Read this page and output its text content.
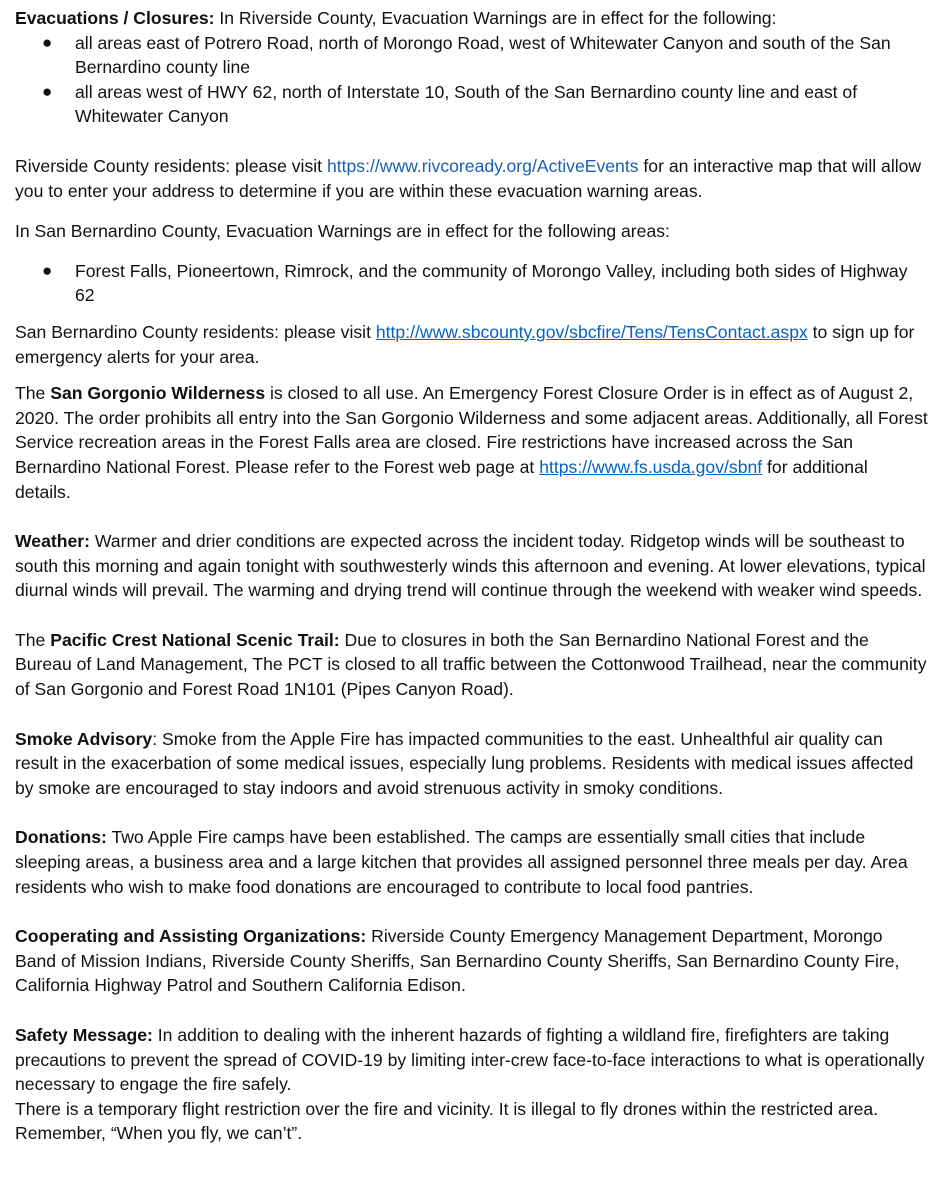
Evacuations / Closures: In Riverside County, Evacuation Warnings are in effect for the following:

● all areas east of Potrero Road, north of Morongo Road, west of Whitewater Canyon and south of the San Bernardino county line
● all areas west of HWY 62, north of Interstate 10, South of the San Bernardino county line and east of Whitewater Canyon

Riverside County residents: please visit https://www.rivcoready.org/ActiveEvents for an interactive map that will allow you to enter your address to determine if you are within these evacuation warning areas.

In San Bernardino County, Evacuation Warnings are in effect for the following areas:

● Forest Falls, Pioneertown, Rimrock, and the community of Morongo Valley, including both sides of Highway 62

San Bernardino County residents: please visit http://www.sbcounty.gov/sbcfire/Tens/TensContact.aspx to sign up for emergency alerts for your area.

The San Gorgonio Wilderness is closed to all use. An Emergency Forest Closure Order is in effect as of August 2, 2020. The order prohibits all entry into the San Gorgonio Wilderness and some adjacent areas. Additionally, all Forest Service recreation areas in the Forest Falls area are closed. Fire restrictions have increased across the San Bernardino National Forest. Please refer to the Forest web page at https://www.fs.usda.gov/sbnf for additional details.

Weather: Warmer and drier conditions are expected across the incident today. Ridgetop winds will be southeast to south this morning and again tonight with southwesterly winds this afternoon and evening. At lower elevations, typical diurnal winds will prevail. The warming and drying trend will continue through the weekend with weaker wind speeds.

The Pacific Crest National Scenic Trail: Due to closures in both the San Bernardino National Forest and the Bureau of Land Management, The PCT is closed to all traffic between the Cottonwood Trailhead, near the community of San Gorgonio and Forest Road 1N101 (Pipes Canyon Road).

Smoke Advisory: Smoke from the Apple Fire has impacted communities to the east. Unhealthful air quality can result in the exacerbation of some medical issues, especially lung problems. Residents with medical issues affected by smoke are encouraged to stay indoors and avoid strenuous activity in smoky conditions.

Donations: Two Apple Fire camps have been established. The camps are essentially small cities that include sleeping areas, a business area and a large kitchen that provides all assigned personnel three meals per day. Area residents who wish to make food donations are encouraged to contribute to local food pantries.

Cooperating and Assisting Organizations: Riverside County Emergency Management Department, Morongo Band of Mission Indians, Riverside County Sheriffs, San Bernardino County Sheriffs, San Bernardino County Fire, California Highway Patrol and Southern California Edison.

Safety Message: In addition to dealing with the inherent hazards of fighting a wildland fire, firefighters are taking precautions to prevent the spread of COVID-19 by limiting inter-crew face-to-face interactions to what is operationally necessary to engage the fire safely.

There is a temporary flight restriction over the fire and vicinity. It is illegal to fly drones within the restricted area. Remember, “When you fly, we can’t”.
